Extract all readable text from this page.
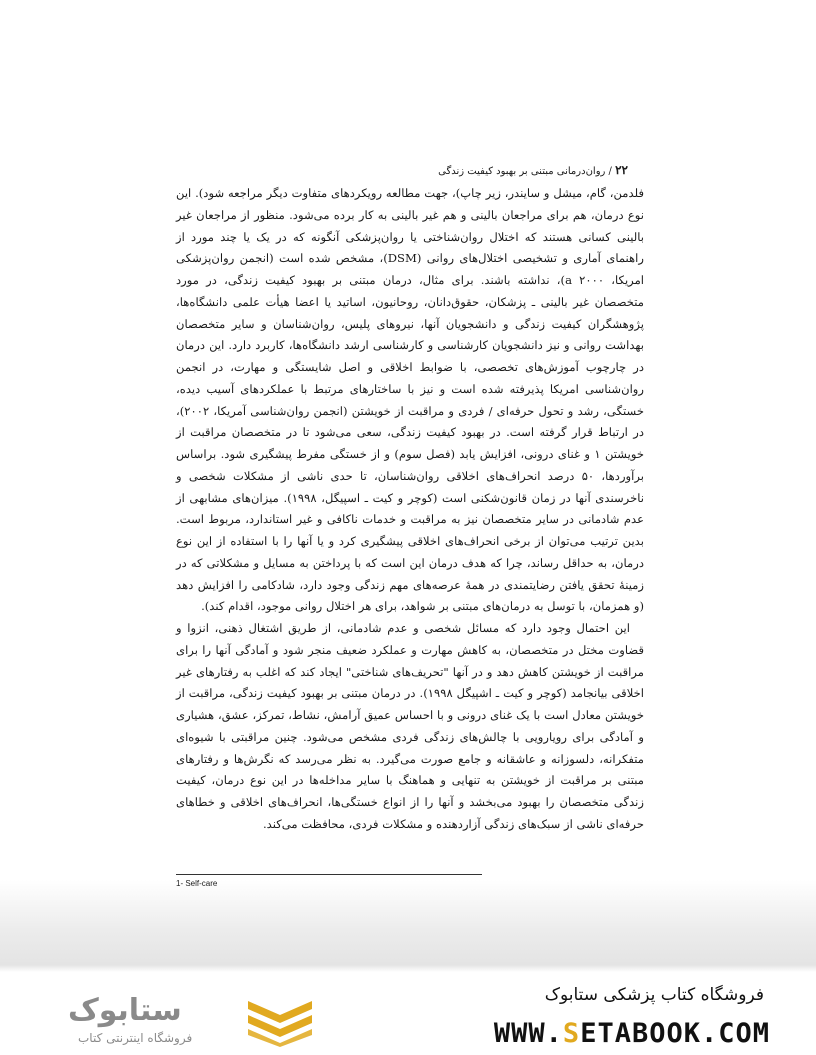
۲۲ / روان‌درمانی مبتنی بر بهبود کیفیت زندگی

فلدمن، گام، میشل و سایندر، زیر چاپ)، جهت مطالعه رویکردهای متفاوت دیگر مراجعه شود). این نوع درمان، هم برای مراجعان بالینی و هم غیر بالینی به کار برده می‌شود. منظور از مراجعان غیر بالینی کسانی هستند که اختلال روان‌شناختی یا روان‌پزشکی آنگونه که در یک یا چند مورد از راهنمای آماری و تشخیصی اختلال‌های روانی (DSM)، مشخص شده است (انجمن روان‌پزشکی امریکا، a ۲۰۰۰)، نداشته باشند. برای مثال، درمان مبتنی بر بهبود کیفیت زندگی، در مورد متخصصان غیر بالینی ـ پزشکان، حقوق‌دانان، روحانیون، اساتید یا اعضا هیأت علمی دانشگاه‌ها، پژوهشگران کیفیت زندگی و دانشجویان آنها، نیروهای پلیس، روان‌شناسان و سایر متخصصان بهداشت روانی و نیز دانشجویان کارشناسی و کارشناسی ارشد دانشگاه‌ها، کاربرد دارد. این درمان در چارچوب آموزش‌های تخصصی، با ضوابط اخلاقی و اصل شایستگی و مهارت، در انجمن روان‌شناسی امریکا پذیرفته شده است و نیز با ساختارهای مرتبط با عملکردهای آسیب دیده، خستگی، رشد و تحول حرفه‌ای / فردی و مراقبت از خویشتن (انجمن روان‌شناسی آمریکا، ۲۰۰۲)، در ارتباط قرار گرفته است. در بهبود کیفیت زندگی، سعی می‌شود تا در متخصصان مراقبت از خویشتن ۱ و غنای درونی، افزایش یابد (فصل سوم) و از خستگی مفرط پیشگیری شود. براساس برآوردها، ۵۰ درصد انحراف‌های اخلاقی روان‌شناسان، تا حدی ناشی از مشکلات شخصی و ناخرسندی آنها در زمان قانون‌شکنی است (کوچر و کیت ـ اسپیگل، ۱۹۹۸). میزان‌های مشابهی از عدم شادمانی در سایر متخصصان نیز به مراقبت و خدمات ناکافی و غیر استاندارد، مربوط است. بدین ترتیب می‌توان از برخی انحراف‌های اخلاقی پیشگیری کرد و یا آنها را با استفاده از این نوع درمان، به حداقل رساند، چرا که هدف درمان این است که با پرداختن به مسایل و مشکلاتی که در زمینهٔ تحقق یافتن رضایتمندی در همهٔ عرصه‌های مهم زندگی وجود دارد، شادکامی را افزایش دهد (و همزمان، با توسل به درمان‌های مبتنی بر شواهد، برای هر اختلال روانی موجود، اقدام کند).

این احتمال وجود دارد که مسائل شخصی و عدم شادمانی، از طریق اشتغال ذهنی، انزوا و قضاوت مختل در متخصصان، به کاهش مهارت و عملکرد ضعیف منجر شود و آمادگی آنها را برای مراقبت از خویشتن کاهش دهد و در آنها "تحریف‌های شناختی" ایجاد کند که اغلب به رفتارهای غیر اخلاقی بیانجامد (کوچر و کیت ـ اشپیگل ۱۹۹۸). در درمان مبتنی بر بهبود کیفیت زندگی، مراقبت از خویشتن معادل است با یک غنای درونی و با احساس عمیق آرامش، نشاط، تمرکز، عشق، هشیاری و آمادگی برای رویارویی با چالش‌های زندگی فردی مشخص می‌شود. چنین مراقبتی با شیوه‌ای متفکرانه، دلسوزانه و عاشقانه و جامع صورت می‌گیرد. به نظر می‌رسد که نگرش‌ها و رفتارهای مبتنی بر مراقبت از خویشتن به تنهایی و هماهنگ با سایر مداخله‌ها در این نوع درمان، کیفیت زندگی متخصصان را بهبود می‌بخشد و آنها را از انواع خستگی‌ها، انحراف‌های اخلاقی و خطاهای حرفه‌ای ناشی از سبک‌های زندگی آزاردهنده و مشکلات فردی، محافظت می‌کند.

1- Self-care
ستابوک
فروشگاه اینترنتی کتاب
فروشگاه کتاب پزشکی ستابوک
WWW.SETABOOK.COM
